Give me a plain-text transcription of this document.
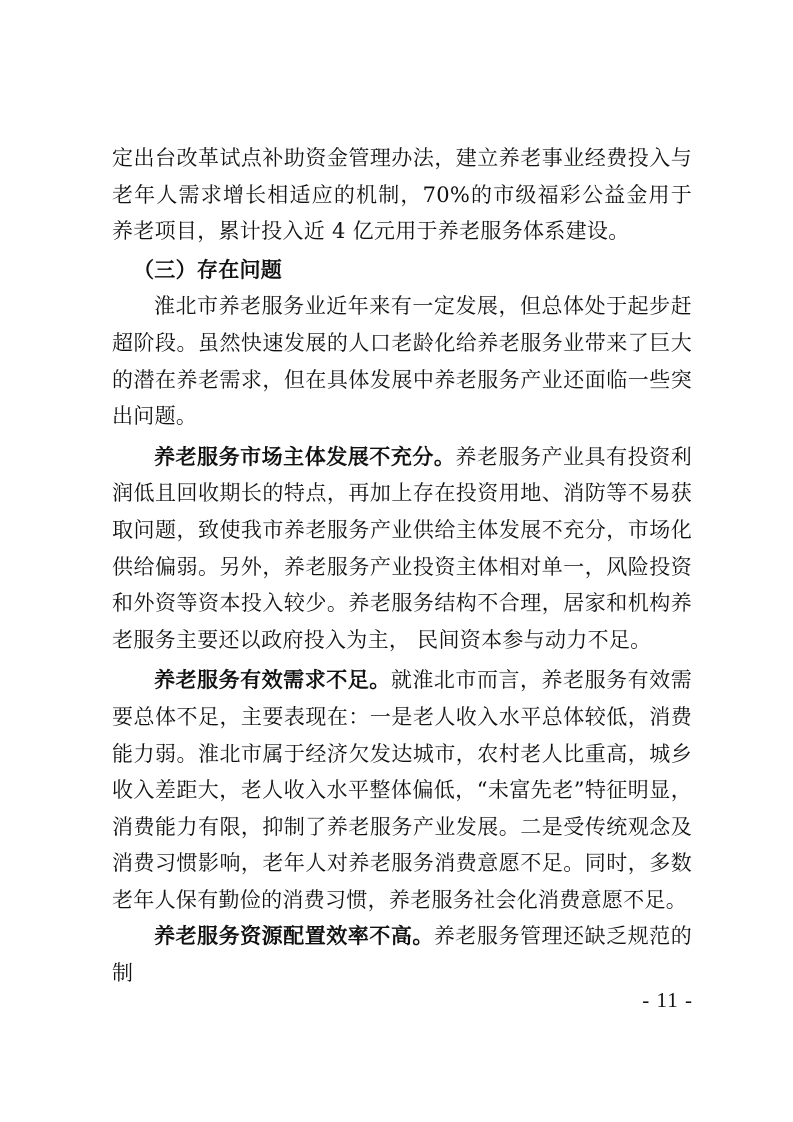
定出台改革试点补助资金管理办法，建立养老事业经费投入与老年人需求增长相适应的机制，70%的市级福彩公益金用于养老项目，累计投入近 4 亿元用于养老服务体系建设。

（三）存在问题

淮北市养老服务业近年来有一定发展，但总体处于起步赶超阶段。虽然快速发展的人口老龄化给养老服务业带来了巨大的潜在养老需求，但在具体发展中养老服务产业还面临一些突出问题。

养老服务市场主体发展不充分。养老服务产业具有投资利润低且回收期长的特点，再加上存在投资用地、消防等不易获取问题，致使我市养老服务产业供给主体发展不充分，市场化供给偏弱。另外，养老服务产业投资主体相对单一，风险投资和外资等资本投入较少。养老服务结构不合理，居家和机构养老服务主要还以政府投入为主， 民间资本参与动力不足。

养老服务有效需求不足。就淮北市而言，养老服务有效需要总体不足，主要表现在：一是老人收入水平总体较低，消费能力弱。淮北市属于经济欠发达城市，农村老人比重高，城乡收入差距大，老人收入水平整体偏低，“未富先老”特征明显，消费能力有限，抑制了养老服务产业发展。二是受传统观念及消费习惯影响，老年人对养老服务消费意愿不足。同时，多数老年人保有勤俭的消费习惯，养老服务社会化消费意愿不足。

养老服务资源配置效率不高。养老服务管理还缺乏规范的制

- 11 -
